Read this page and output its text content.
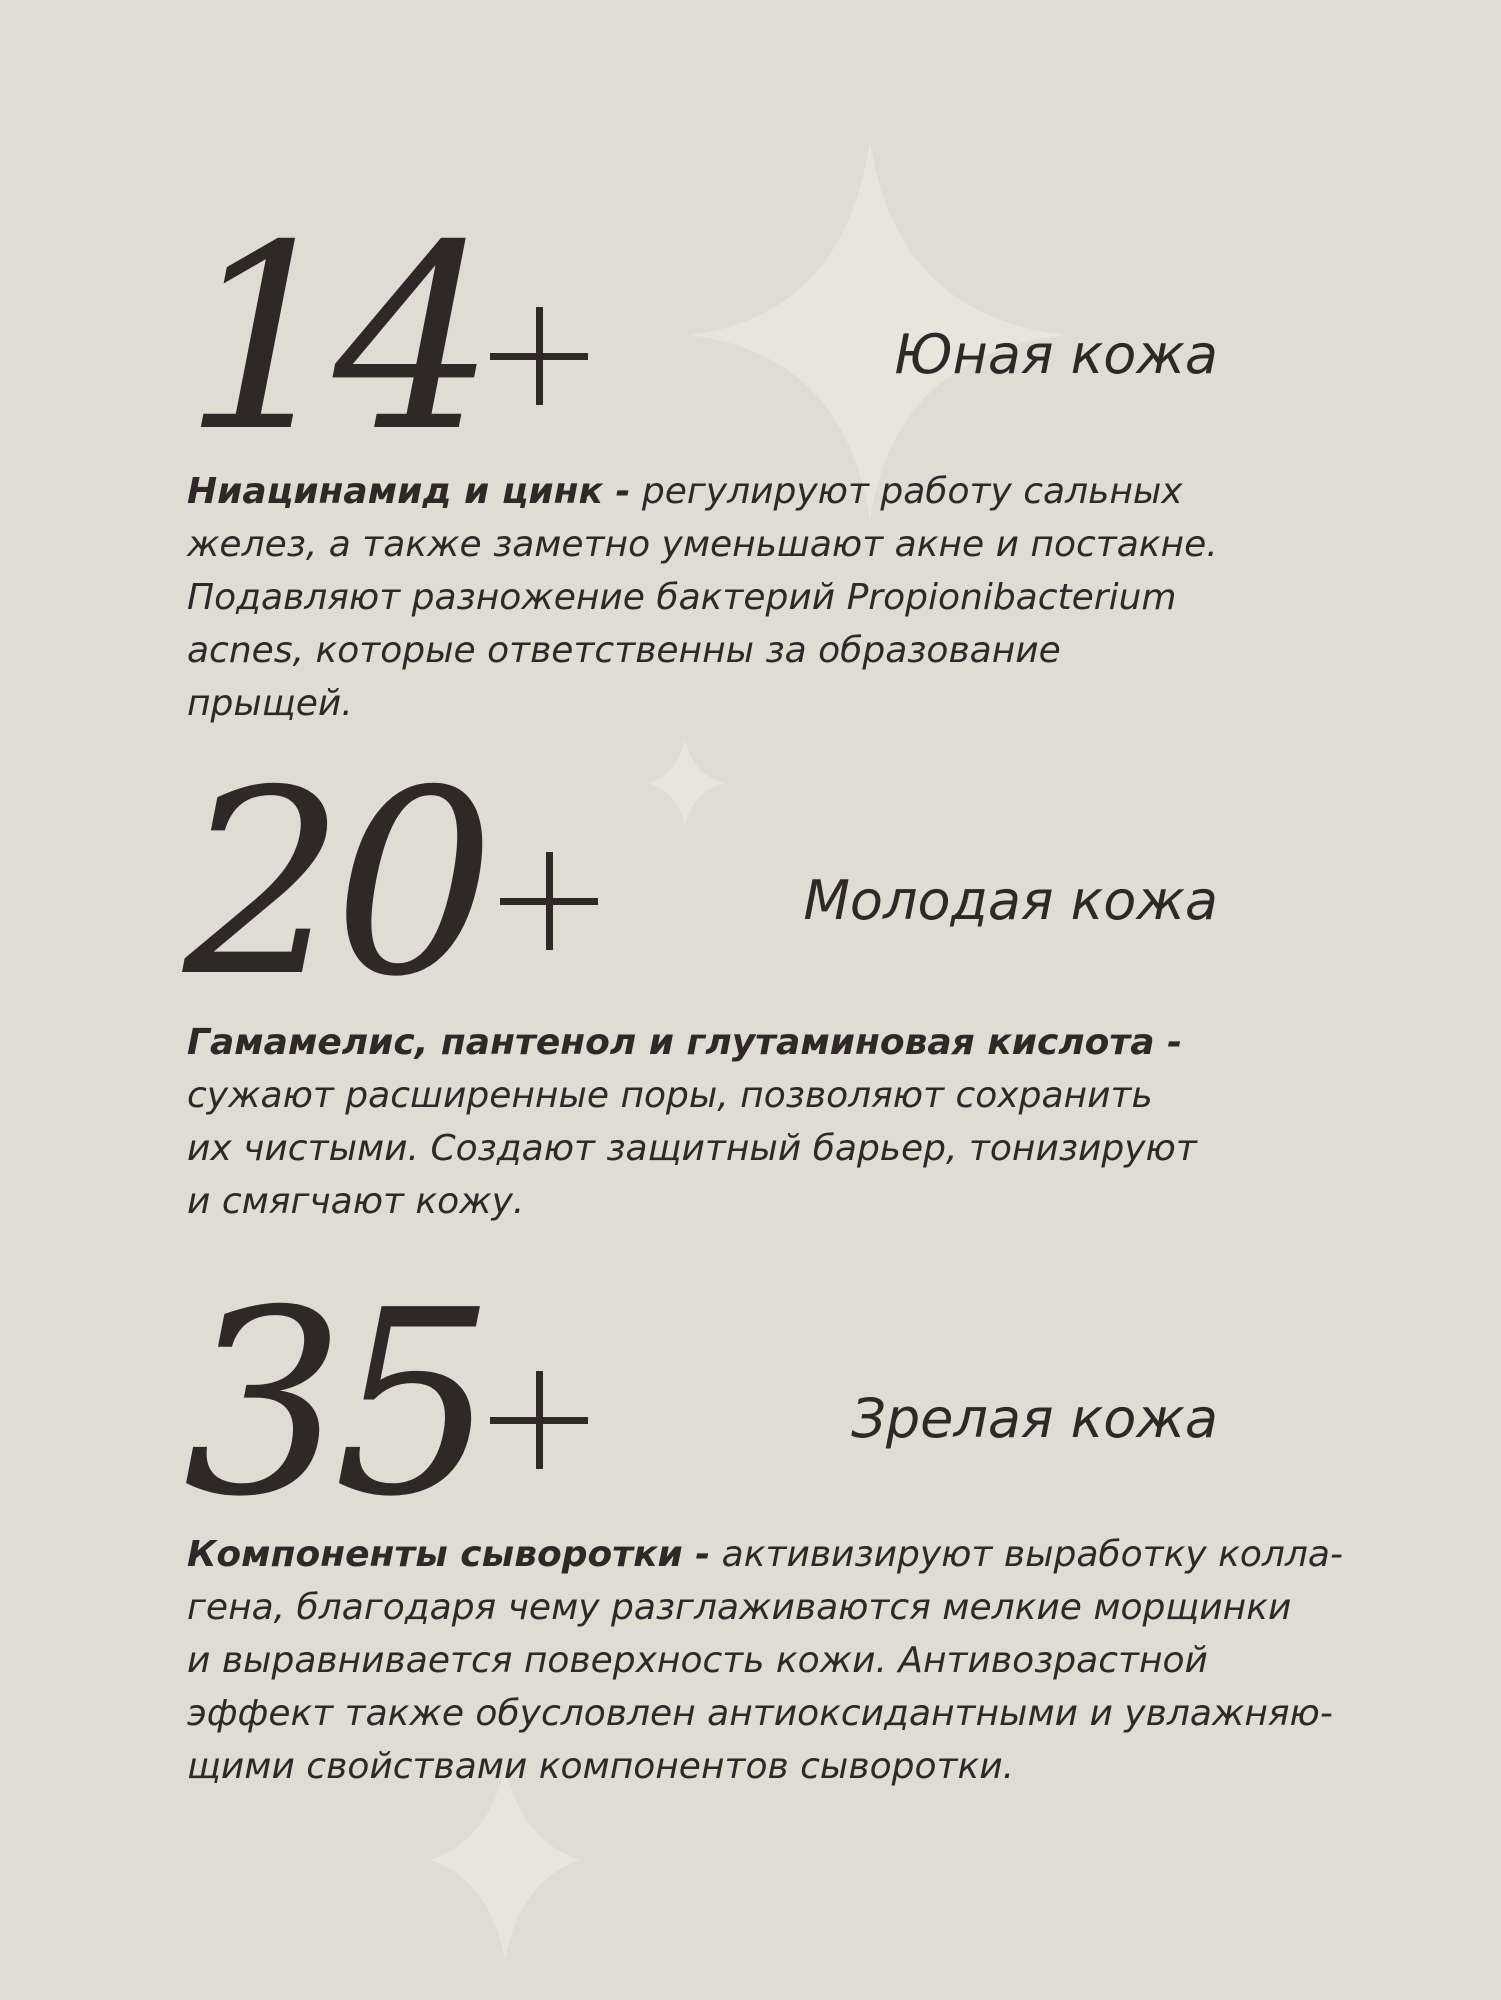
14	Юная кожа

Ниацинамид и цинк - регулируют работу сальных
желез, а также заметно уменьшают акне и постакне.
Подавляют разножение бактерий Propionibacterium
acnes, которые ответственны за образование
прыщей.

20	Молодая кожа

Гамамелис, пантенол и глутаминовая кислота -
сужают расширенные поры, позволяют сохранить
их чистыми. Создают защитный барьер, тонизируют
и смягчают кожу.

35	Зрелая кожа

Компоненты сыворотки - активизируют выработку колла-
гена, благодаря чему разглаживаются мелкие морщинки
и выравнивается поверхность кожи. Антивозрастной
эффект также обусловлен антиоксидантными и увлажняю-
щими свойствами компонентов сыворотки.
